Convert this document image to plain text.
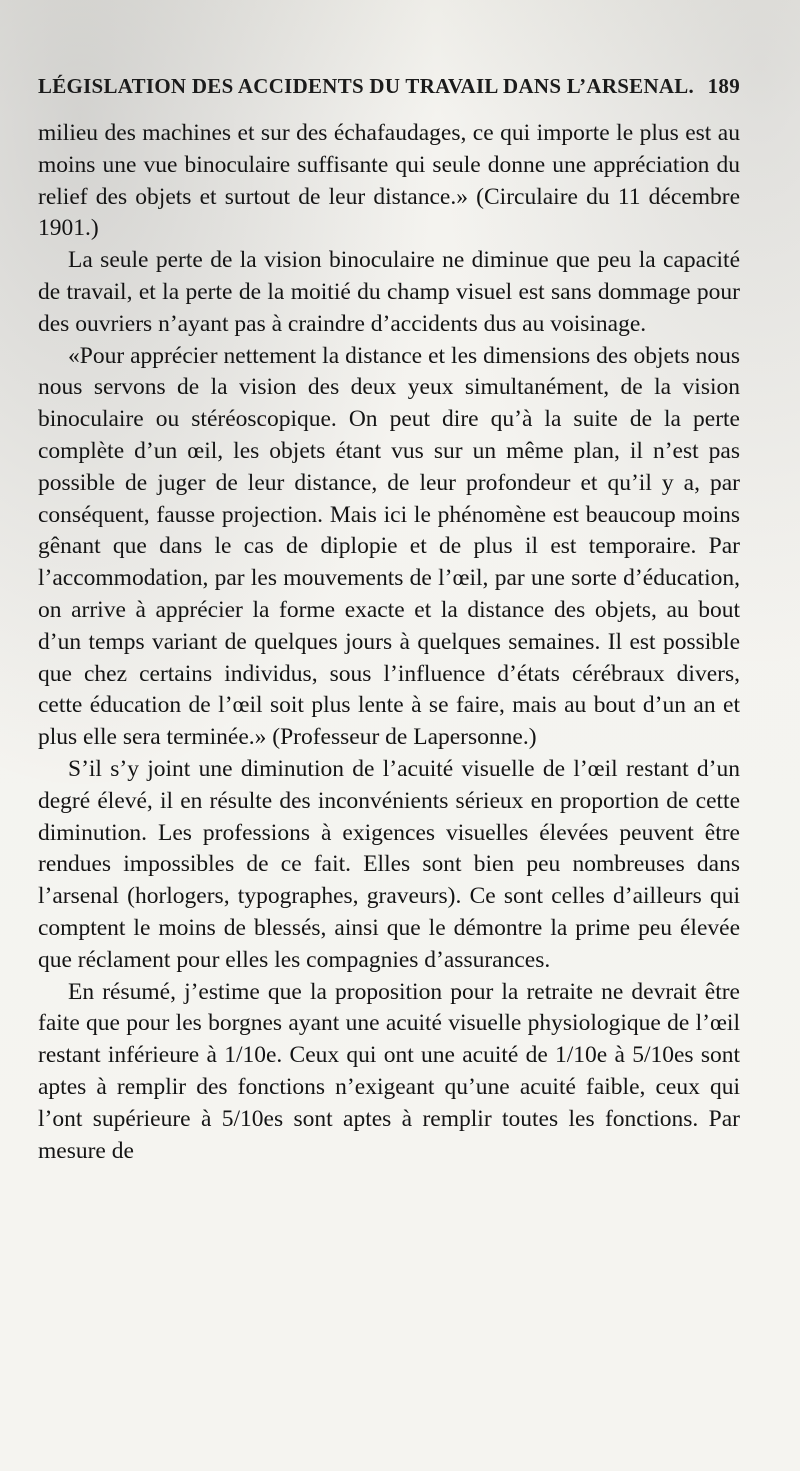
LÉGISLATION DES ACCIDENTS DU TRAVAIL DANS L’ARSENAL. 189

milieu des machines et sur des échafaudages, ce qui importe le plus est au moins une vue binoculaire suffisante qui seule donne une appréciation du relief des objets et surtout de leur distance.» (Circulaire du 11 décembre 1901.)

La seule perte de la vision binoculaire ne diminue que peu la capacité de travail, et la perte de la moitié du champ visuel est sans dommage pour des ouvriers n’ayant pas à craindre d’accidents dus au voisinage.

«Pour apprécier nettement la distance et les dimensions des objets nous nous servons de la vision des deux yeux simultanément, de la vision binoculaire ou stéréoscopique. On peut dire qu’à la suite de la perte complète d’un œil, les objets étant vus sur un même plan, il n’est pas possible de juger de leur distance, de leur profondeur et qu’il y a, par conséquent, fausse projection. Mais ici le phénomène est beaucoup moins gênant que dans le cas de diplopie et de plus il est temporaire. Par l’accommodation, par les mouvements de l’œil, par une sorte d’éducation, on arrive à apprécier la forme exacte et la distance des objets, au bout d’un temps variant de quelques jours à quelques semaines. Il est possible que chez certains individus, sous l’influence d’états cérébraux divers, cette éducation de l’œil soit plus lente à se faire, mais au bout d’un an et plus elle sera terminée.» (Professeur de Lapersonne.)

S’il s’y joint une diminution de l’acuité visuelle de l’œil restant d’un degré élevé, il en résulte des inconvénients sérieux en proportion de cette diminution. Les professions à exigences visuelles élevées peuvent être rendues impossibles de ce fait. Elles sont bien peu nombreuses dans l’arsenal (horlogers, typographes, graveurs). Ce sont celles d’ailleurs qui comptent le moins de blessés, ainsi que le démontre la prime peu élevée que réclament pour elles les compagnies d’assurances.

En résumé, j’estime que la proposition pour la retraite ne devrait être faite que pour les borgnes ayant une acuité visuelle physiologique de l’œil restant inférieure à 1/10e. Ceux qui ont une acuité de 1/10e à 5/10es sont aptes à remplir des fonctions n’exigeant qu’une acuité faible, ceux qui l’ont supérieure à 5/10es sont aptes à remplir toutes les fonctions. Par mesure de
